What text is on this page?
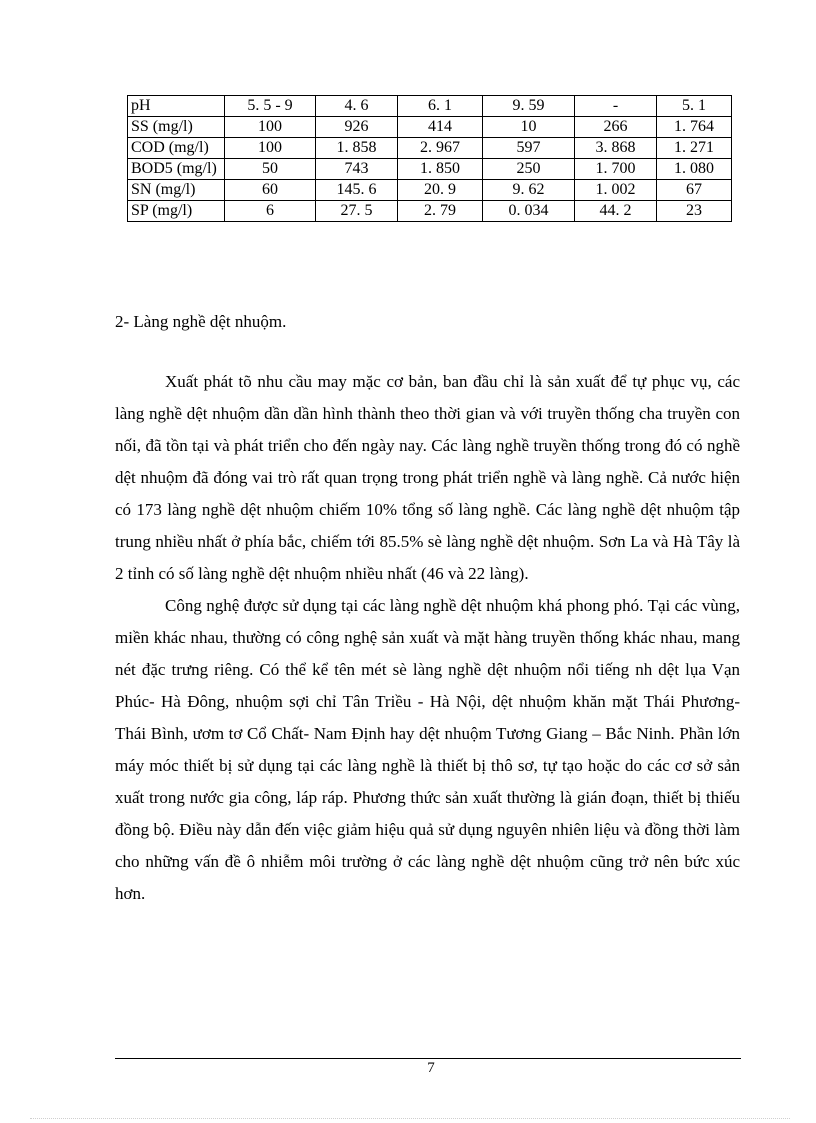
pH	5. 5 - 9	4. 6	6. 1	9. 59	-	5. 1
SS (mg/l)	100	926	414	10	266	1. 764
COD (mg/l)	100	1. 858	2. 967	597	3. 868	1. 271
BOD5 (mg/l)	50	743	1. 850	250	1. 700	1. 080
SN (mg/l)	60	145. 6	20. 9	9. 62	1. 002	67
SP (mg/l)	6	27. 5	2. 79	0. 034	44. 2	23
2- Làng nghề dệt nhuộm.

Xuất phát tõ nhu cầu may mặc cơ bản, ban đầu chỉ là sản xuất để tự phục vụ, các làng nghề dệt nhuộm dần dần hình thành theo thời gian và với truyền thống cha truyền con nối, đã tồn tại và phát triển cho đến ngày nay. Các làng nghề truyền thống trong đó có nghề dệt nhuộm đã đóng vai trò rất quan trọng trong phát triển nghề và làng nghề. Cả nước hiện có 173 làng nghề dệt nhuộm chiếm 10% tổng số làng nghề. Các làng nghề dệt nhuộm tập trung nhiều nhất ở phía bắc, chiếm tới 85.5% sè làng nghề dệt nhuộm. Sơn La và Hà Tây là 2 tỉnh có số làng nghề dệt nhuộm nhiều nhất (46 và 22 làng).

Công nghệ được sử dụng tại các làng nghề dệt nhuộm khá phong phó. Tại các vùng, miền khác nhau, thường có công nghệ sản xuất và mặt hàng truyền thống khác nhau, mang nét đặc trưng riêng. Có thể kể tên mét sè làng nghề dệt nhuộm nổi tiếng nh dệt lụa Vạn Phúc- Hà Đông, nhuộm sợi chỉ Tân Triều - Hà Nội, dệt nhuộm khăn mặt Thái Phương- Thái Bình, ươm tơ Cổ Chất- Nam Định hay dệt nhuộm Tương Giang – Bắc Ninh. Phần lớn máy móc thiết bị sử dụng tại các làng nghề là thiết bị thô sơ, tự tạo hoặc do các cơ sở sản xuất trong nước gia công, láp ráp. Phương thức sản xuất thường là gián đoạn, thiết bị thiếu đồng bộ. Điều này dẫn đến việc giảm hiệu quả sử dụng nguyên nhiên liệu và đồng thời làm cho những vấn đề ô nhiễm môi trường ở các làng nghề dệt nhuộm cũng trở nên bức xúc hơn.

7
